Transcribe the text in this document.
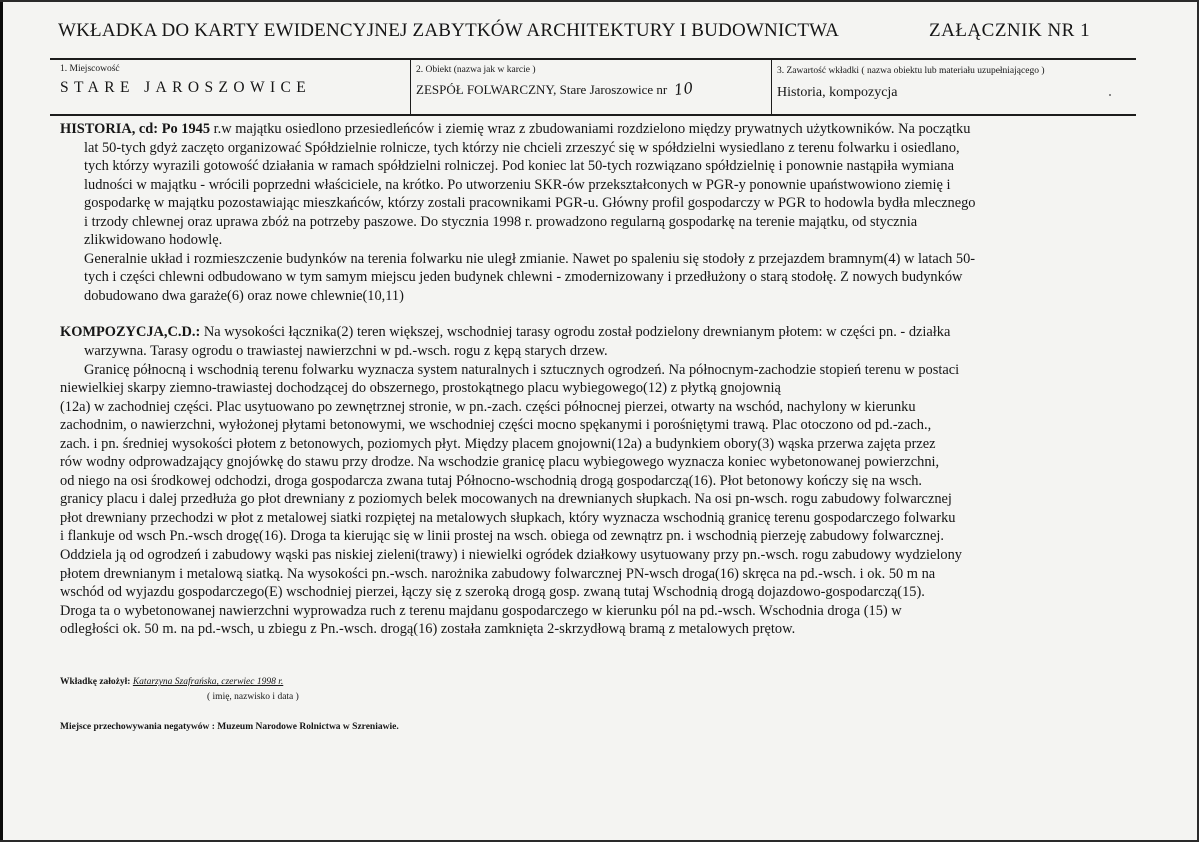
WKŁADKA DO KARTY EWIDENCYJNEJ ZABYTKÓW ARCHITEKTURY I BUDOWNICTWA	ZAŁĄCZNIK NR 1
1. Miejscowość
STARE JAROSZOWICE
2. Obiekt (nazwa jak w karcie )
ZESPÓŁ FOLWARCZNY, Stare Jaroszowice nr 10
3. Zawartość wkładki ( nazwa obiektu lub materiału uzupełniającego )
Historia, kompozycja
HISTORIA, cd: Po 1945 r.w majątku osiedlono przesiedleńców i ziemię wraz z zbudowaniami rozdzielono między prywatnych użytkowników. Na początku
lat 50-tych gdyż zaczęto organizować Spółdzielnie rolnicze, tych którzy nie chcieli zrzeszyć się w spółdzielni wysiedlano z terenu folwarku i osiedlano,
tych którzy wyrazili gotowość działania w ramach spółdzielni rolniczej. Pod koniec lat 50-tych rozwiązano spółdzielnię i ponownie nastąpiła wymiana
ludności w majątku - wrócili poprzedni właściciele, na krótko. Po utworzeniu SKR-ów przekształconych w PGR-y ponownie upaństwowiono ziemię i
gospodarkę w majątku pozostawiając mieszkańców, którzy zostali pracownikami PGR-u. Główny profil gospodarczy w PGR to hodowla bydła mlecznego
i trzody chlewnej oraz uprawa zbóż na potrzeby paszowe. Do stycznia 1998 r. prowadzono regularną gospodarkę na terenie majątku, od stycznia
zlikwidowano hodowlę.
Generalnie układ i rozmieszczenie budynków na terenia folwarku nie uległ zmianie. Nawet po spaleniu się stodoły z przejazdem bramnym(4) w latach 50-
tych i części chlewni odbudowano w tym samym miejscu jeden budynek chlewni - zmodernizowany i przedłużony o starą stodołę. Z nowych budynków
dobudowano dwa garaże(6) oraz nowe chlewnie(10,11)
KOMPOZYCJA,C.D.: Na wysokości łącznika(2) teren większej, wschodniej tarasy ogrodu został podzielony drewnianym płotem: w części pn. - działka
warzywna. Tarasy ogrodu o trawiastej nawierzchni w pd.-wsch. rogu z kępą starych drzew.
Granicę północną i wschodnią terenu folwarku wyznacza system naturalnych i sztucznych ogrodzeń. Na północnym-zachodzie stopień terenu w postaci
niewielkiej skarpy ziemno-trawiastej dochodzącej do obszernego, prostokątnego placu wybiegowego(12) z płytką gnojownią
(12a) w zachodniej części. Plac usytuowano po zewnętrznej stronie, w pn.-zach. części północnej pierzei, otwarty na wschód, nachylony w kierunku
zachodnim, o nawierzchni, wyłożonej płytami betonowymi, we wschodniej części mocno spękanymi i porośniętymi trawą. Plac otoczono od pd.-zach.,
zach. i pn. średniej wysokości płotem z betonowych, poziomych płyt. Między placem gnojowni(12a) a budynkiem obory(3) wąska przerwa zajęta przez
rów wodny odprowadzający gnojówkę do stawu przy drodze. Na wschodzie granicę placu wybiegowego wyznacza koniec wybetonowanej powierzchni,
od niego na osi środkowej odchodzi, droga gospodarcza zwana tutaj Północno-wschodnią drogą gospodarczą(16). Płot betonowy kończy się na wsch.
granicy placu i dalej przedłuża go płot drewniany z poziomych belek mocowanych na drewnianych słupkach. Na osi pn-wsch. rogu zabudowy folwarcznej
płot drewniany przechodzi w płot z metalowej siatki rozpiętej na metalowych słupkach, który wyznacza wschodnią granicę terenu gospodarczego folwarku
i flankuje od wsch Pn.-wsch drogę(16). Droga ta kierując się w linii prostej na wsch. obiega od zewnątrz pn. i wschodnią pierzeję zabudowy folwarcznej.
Oddziela ją od ogrodzeń i zabudowy wąski pas niskiej zieleni(trawy) i niewielki ogródek działkowy usytuowany przy pn.-wsch. rogu zabudowy wydzielony
płotem drewnianym i metalową siatką. Na wysokości pn.-wsch. narożnika zabudowy folwarcznej PN-wsch droga(16) skręca na pd.-wsch. i ok. 50 m na
wschód od wyjazdu gospodarczego(E) wschodniej pierzei, łączy się z szeroką drogą gosp. zwaną tutaj Wschodnią drogą dojazdowo-gospodarczą(15).
Droga ta o wybetonowanej nawierzchni wyprowadza ruch z terenu majdanu gospodarczego w kierunku pól na pd.-wsch. Wschodnia droga (15) w
odległości ok. 50 m. na pd.-wsch, u zbiegu z Pn.-wsch. drogą(16) została zamknięta 2-skrzydłową bramą z metalowych prętow.
Wkładkę założył: Katarzyna Szafrańska, czerwiec 1998 r.
( imię, nazwisko i data )
Miejsce przechowywania negatywów : Muzeum Narodowe Rolnictwa w Szreniawie.
